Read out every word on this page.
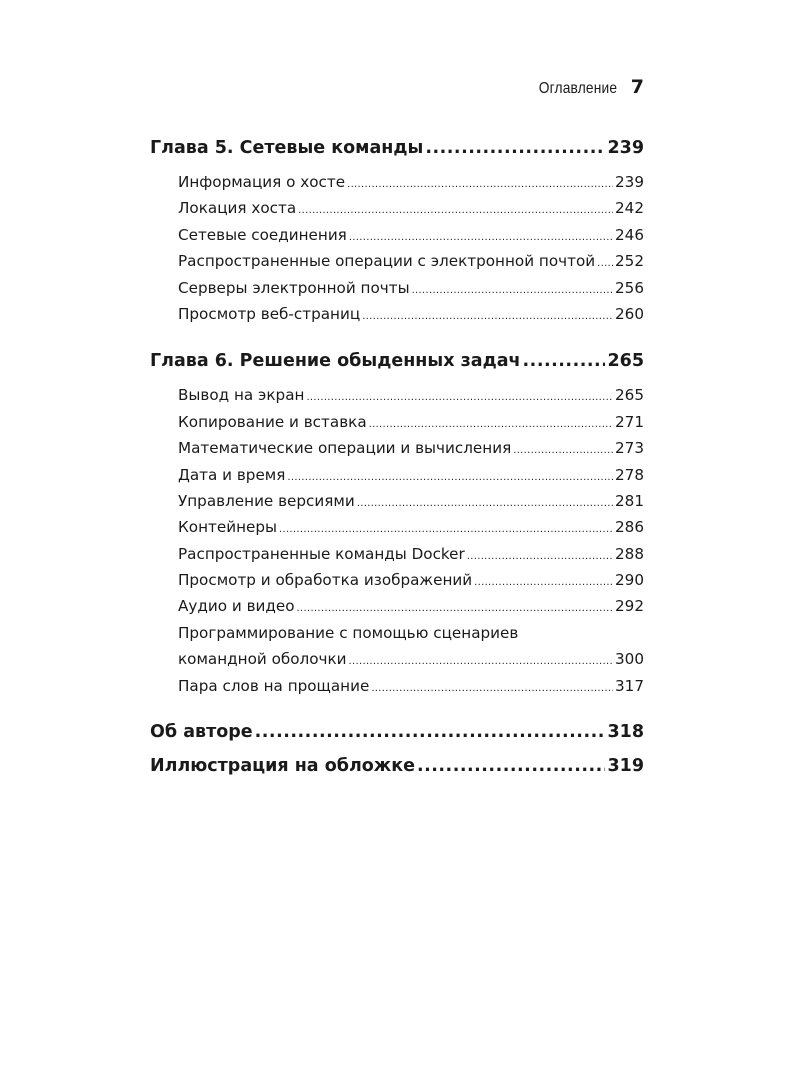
Оглавление 7
Глава 5. Сетевые команды .....	239
Информация о хосте .....	239
Локация хоста .....	242
Сетевые соединения .....	246
Распространенные операции с электронной почтой ..... 252
Серверы электронной почты .....	256
Просмотр веб-страниц .....	260
Глава 6. Решение обыденных задач .....	265
Вывод на экран .....	265
Копирование и вставка .....	271
Математические операции и вычисления .....	273
Дата и время .....	278
Управление версиями .....	281
Контейнеры .....	286
Распространенные команды Docker .....	288
Просмотр и обработка изображений .....	290
Аудио и видео .....	292
Программирование с помощью сценариев
командной оболочки .....	300
Пара слов на прощание .....	317
Об авторе .....	318
Иллюстрация на обложке .....	319
